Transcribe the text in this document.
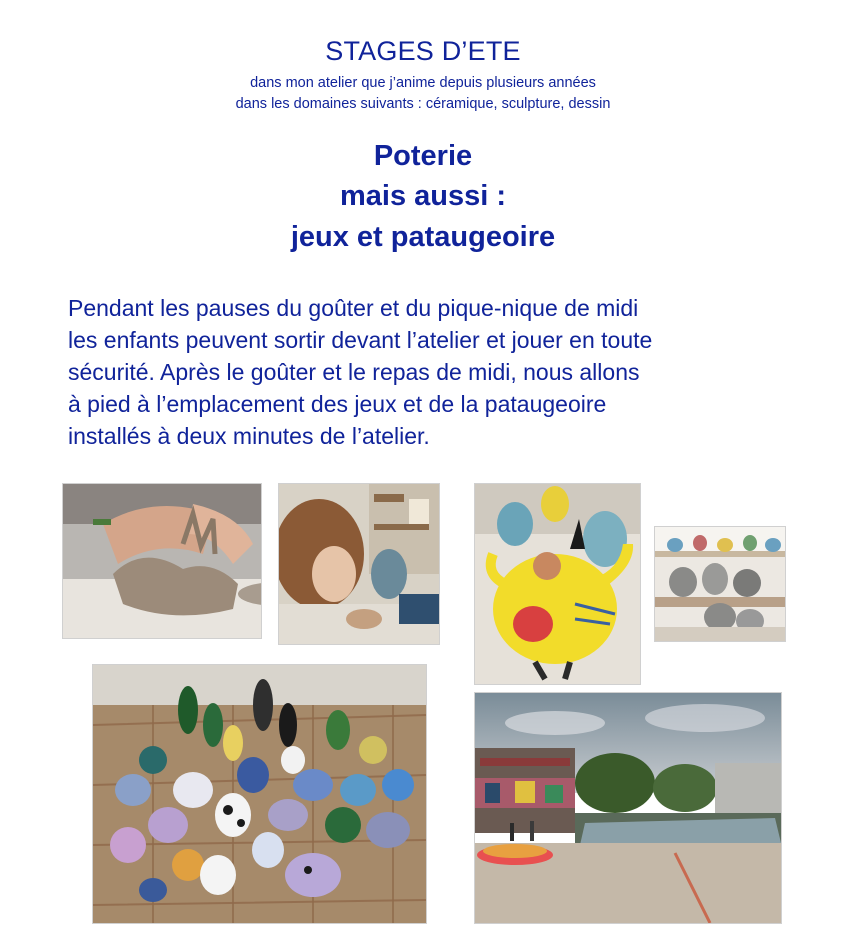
STAGES D’ETE
dans mon atelier que j’anime depuis plusieurs années
dans les domaines suivants : céramique, sculpture, dessin
Poterie
mais aussi :
jeux et pataugeoire
Pendant les pauses du goûter et du pique-nique de midi
les enfants peuvent sortir devant l’atelier et jouer en toute
sécurité. Après le goûter et le repas de midi, nous allons
à pied à l’emplacement des jeux et de la pataugeoire
installés à deux minutes de l’atelier.
